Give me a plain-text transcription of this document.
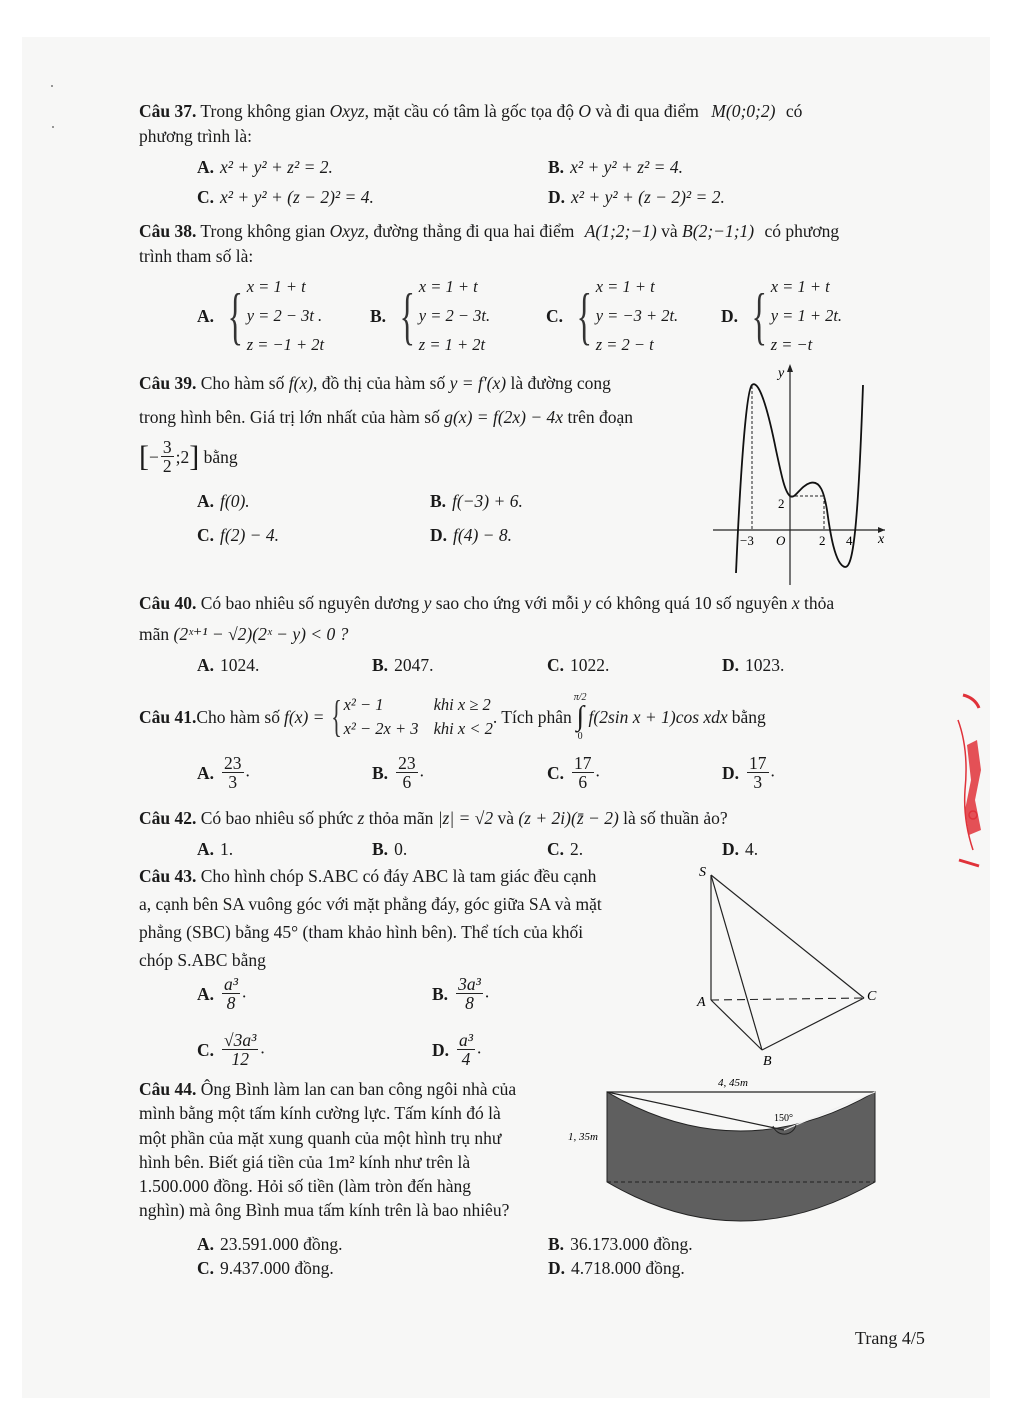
Câu 37. Trong không gian Oxyz, mặt cầu có tâm là gốc tọa độ O và đi qua điểm M(0;0;2) có
phương trình là:
A. x² + y² + z² = 2.	B. x² + y² + z² = 4.
C. x² + y² + (z − 2)² = 4.	D. x² + y² + (z − 2)² = 2.
Câu 38. Trong không gian Oxyz, đường thẳng đi qua hai điểm A(1;2;−1) và B(2;−1;1) có phương
trình tham số là:
A. { x = 1 + t
y = 2 − 3t .
z = −1 + 2t
B. { x = 1 + t
y = 2 − 3t.
z = 1 + 2t
C. { x = 1 + t
y = −3 + 2t.
z = 2 − t
D. { x = 1 + t
y = 1 + 2t.
z = −t
Câu 39. Cho hàm số f(x), đồ thị của hàm số y = f′(x) là đường cong
trong hình bên. Giá trị lớn nhất của hàm số g(x) = f(2x) − 4x trên đoạn
[− $\frac{3}{2}$ ;2] bằng
A. f(0).	B. f(−3) + 6.
C. f(2) − 4.	D. f(4) − 8.
y
x
O
−3	2 4
2
Câu 40. Có bao nhiêu số nguyên dương y sao cho ứng với mỗi y có không quá 10 số nguyên x thỏa
mãn (2ˣ⁺¹ − √2)(2ˣ − y) < 0 ?
A. 1024.	B. 2047.	C. 1022.	D. 1023.
Câu 41. Cho hàm số f(x) = { x² − 1	khi x ≥ 2
x² − 2x + 3 khi x < 2
. Tích phân
π/2
∫
0
f(2sin x + 1)cos xdx bằng
A. $\frac{23}{3}$ .	B. $\frac{23}{6}$ .	C. $\frac{17}{6}$ .	D. $\frac{17}{3}$ .
Câu 42. Có bao nhiêu số phức z thỏa mãn |z| = √2 và (z + 2i)(z̄ − 2) là số thuần ảo?
A. 1.	B. 0.	C. 2.	D. 4.
Câu 43. Cho hình chóp S.ABC có đáy ABC là tam giác đều cạnh
a, cạnh bên SA vuông góc với mặt phẳng đáy, góc giữa SA và mặt
phẳng (SBC) bằng 45° (tham khảo hình bên). Thể tích của khối
chóp S.ABC bằng
A. $\frac{\text{a³}}{8}$ .	B. $\frac{\text{3a³}}{8}$ .
C. $\frac{\text{√3a³}}{12}$ .	D. $\frac{\text{a³}}{4}$ .
S
A
B
C
Câu 44. Ông Bình làm lan can ban công ngôi nhà của
mình bằng một tấm kính cường lực. Tấm kính đó là
một phần của mặt xung quanh của một hình trụ như
hình bên. Biết giá tiền của 1m² kính như trên là
1.500.000 đồng. Hỏi số tiền (làm tròn đến hàng
nghìn) mà ông Bình mua tấm kính trên là bao nhiêu?
4, 45m
1, 35m
150°
A. 23.591.000 đồng.	B. 36.173.000 đồng.
C. 9.437.000 đồng.	D. 4.718.000 đồng.
Trang 4/5
